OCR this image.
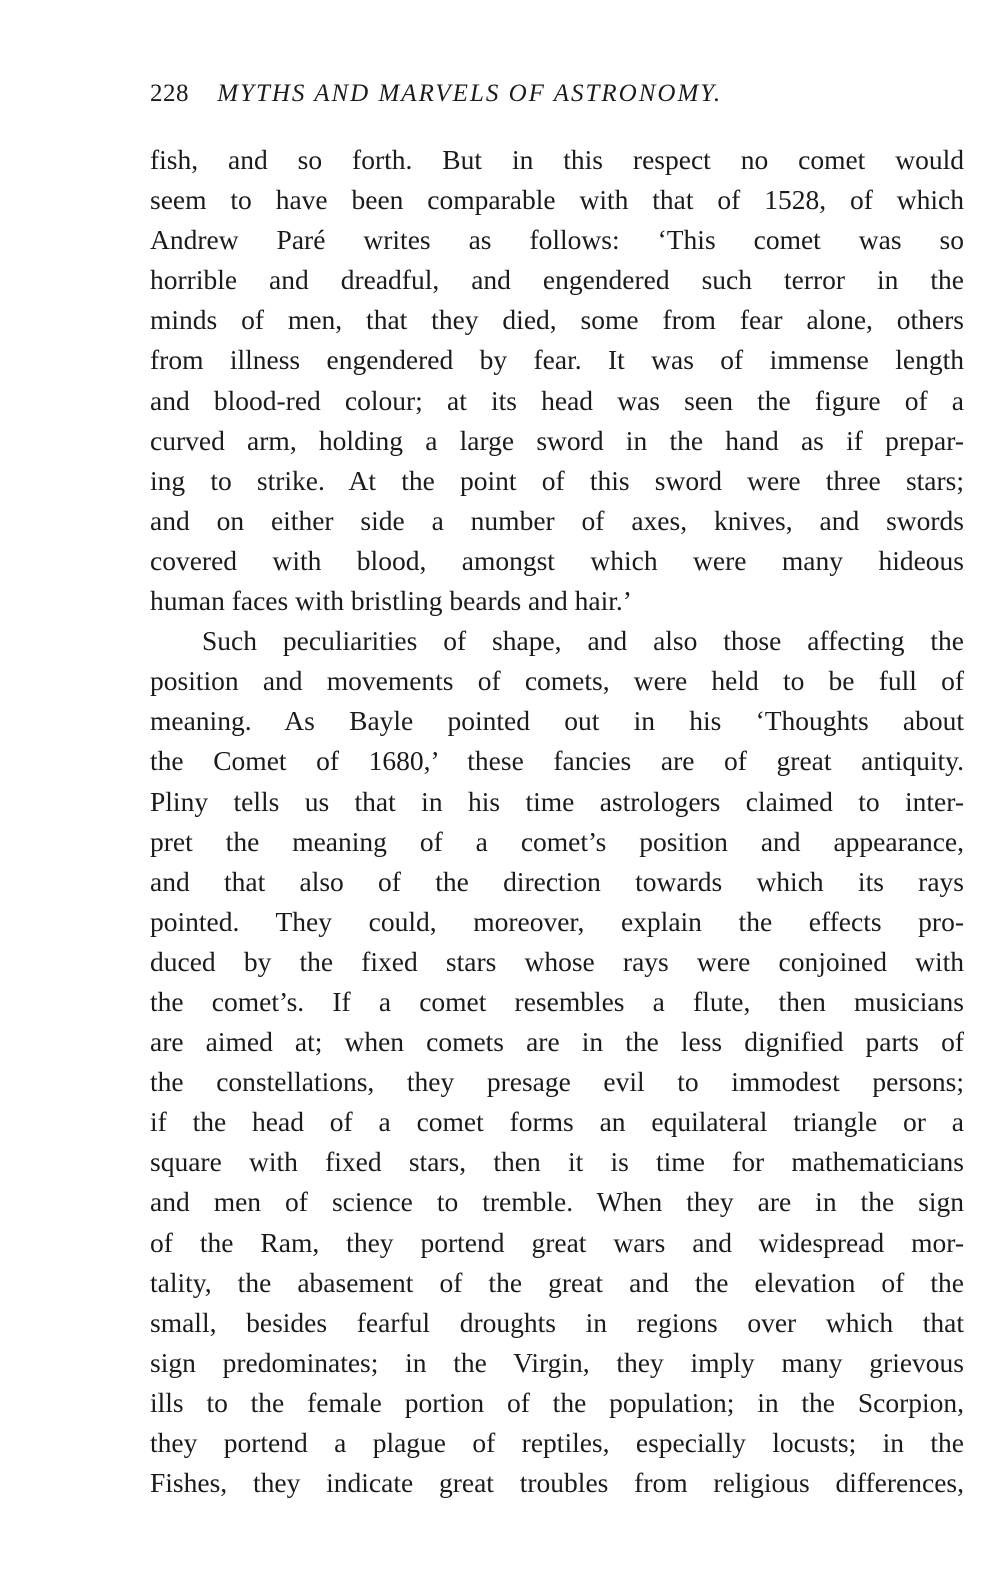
228 MYTHS AND MARVELS OF ASTRONOMY.
fish, and so forth. But in this respect no comet would
seem to have been comparable with that of 1528, of which
Andrew Paré writes as follows: ‘This comet was so
horrible and dreadful, and engendered such terror in the
minds of men, that they died, some from fear alone, others
from illness engendered by fear. It was of immense length
and blood-red colour; at its head was seen the figure of a
curved arm, holding a large sword in the hand as if prepar-
ing to strike. At the point of this sword were three stars;
and on either side a number of axes, knives, and swords
covered with blood, amongst which were many hideous
human faces with bristling beards and hair.’
Such peculiarities of shape, and also those affecting the
position and movements of comets, were held to be full of
meaning. As Bayle pointed out in his ‘Thoughts about
the Comet of 1680,’ these fancies are of great antiquity.
Pliny tells us that in his time astrologers claimed to inter-
pret the meaning of a comet’s position and appearance,
and that also of the direction towards which its rays
pointed. They could, moreover, explain the effects pro-
duced by the fixed stars whose rays were conjoined with
the comet’s. If a comet resembles a flute, then musicians
are aimed at; when comets are in the less dignified parts of
the constellations, they presage evil to immodest persons;
if the head of a comet forms an equilateral triangle or a
square with fixed stars, then it is time for mathematicians
and men of science to tremble. When they are in the sign
of the Ram, they portend great wars and widespread mor-
tality, the abasement of the great and the elevation of the
small, besides fearful droughts in regions over which that
sign predominates; in the Virgin, they imply many grievous
ills to the female portion of the population; in the Scorpion,
they portend a plague of reptiles, especially locusts; in the
Fishes, they indicate great troubles from religious differences,
